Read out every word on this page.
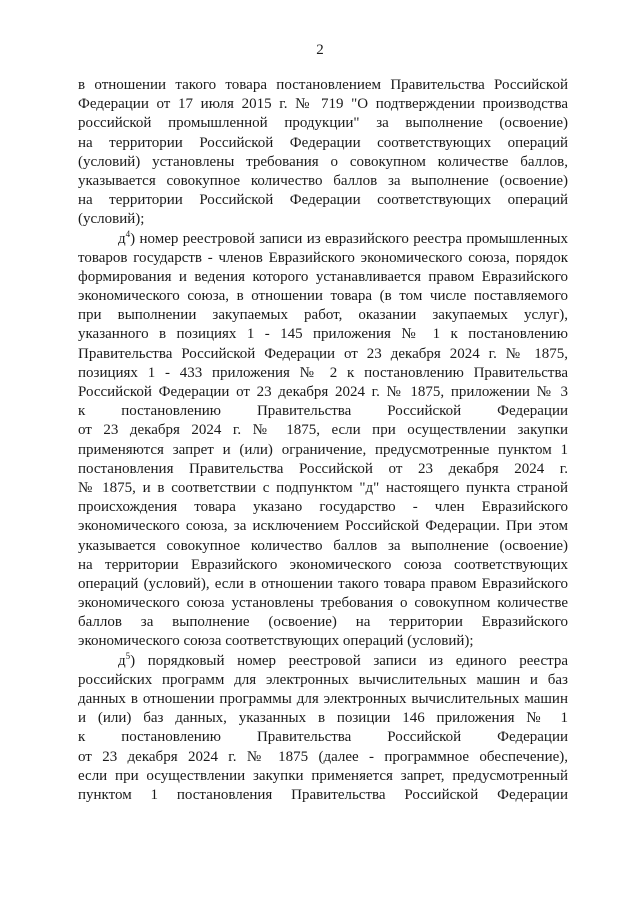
2
в отношении такого товара постановлением Правительства Российской
Федерации от 17 июля 2015 г. № 719 "О подтверждении производства
российской промышленной продукции" за выполнение (освоение)
на территории Российской Федерации соответствующих операций
(условий) установлены требования о совокупном количестве баллов,
указывается совокупное количество баллов за выполнение (освоение)
на территории Российской Федерации соответствующих операций
(условий);
$д^4$) номер реестровой записи из евразийского реестра промышленных
товаров государств - членов Евразийского экономического союза, порядок
формирования и ведения которого устанавливается правом Евразийского
экономического союза, в отношении товара (в том числе поставляемого
при выполнении закупаемых работ, оказании закупаемых услуг),
указанного в позициях 1 - 145 приложения № 1 к постановлению
Правительства Российской Федерации от 23 декабря 2024 г. № 1875,
позициях 1 - 433 приложения № 2 к постановлению Правительства
Российской Федерации от 23 декабря 2024 г. № 1875, приложении № 3
к постановлению Правительства Российской Федерации
от 23 декабря 2024 г. № 1875, если при осуществлении закупки
применяются запрет и (или) ограничение, предусмотренные пунктом 1
постановления Правительства Российской от 23 декабря 2024 г.
№ 1875, и в соответствии с подпунктом "д" настоящего пункта страной
происхождения товара указано государство - член Евразийского
экономического союза, за исключением Российской Федерации. При этом
указывается совокупное количество баллов за выполнение (освоение)
на территории Евразийского экономического союза соответствующих
операций (условий), если в отношении такого товара правом Евразийского
экономического союза установлены требования о совокупном количестве
баллов за выполнение (освоение) на территории Евразийского
экономического союза соответствующих операций (условий);
$д^5$) порядковый номер реестровой записи из единого реестра
российских программ для электронных вычислительных машин и баз
данных в отношении программы для электронных вычислительных машин
и (или) баз данных, указанных в позиции 146 приложения № 1
к постановлению Правительства Российской Федерации
от 23 декабря 2024 г. № 1875 (далее - программное обеспечение),
если при осуществлении закупки применяется запрет, предусмотренный
пунктом 1 постановления Правительства Российской Федерации
